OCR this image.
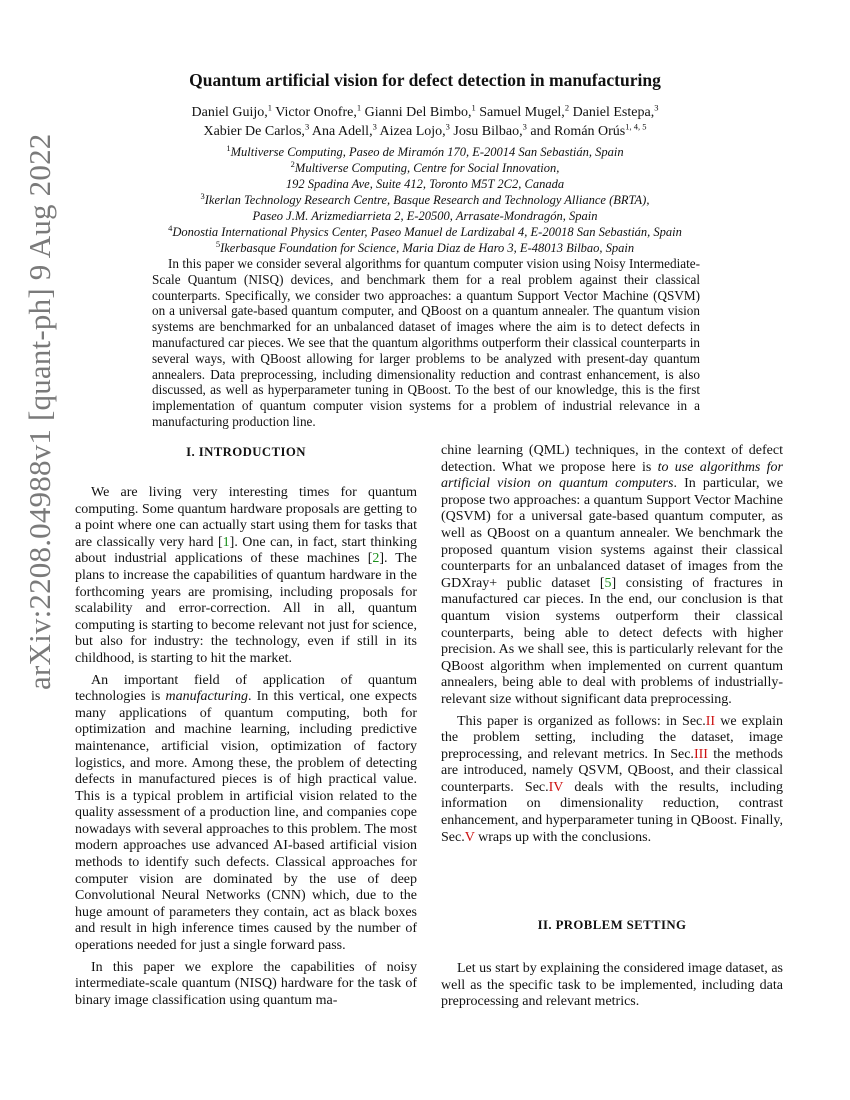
arXiv:2208.04988v1 [quant-ph] 9 Aug 2022
Quantum artificial vision for defect detection in manufacturing
Daniel Guijo,$^1$ Victor Onofre,$^1$ Gianni Del Bimbo,$^1$ Samuel Mugel,$^2$ Daniel Estepa,$^3$
Xabier De Carlos,$^3$ Ana Adell,$^3$ Aizea Lojo,$^3$ Josu Bilbao,$^3$ and Román Orús$^{1, 4, 5}$
$^1$Multiverse Computing, Paseo de Miramón 170, E-20014 San Sebastián, Spain
$^2$Multiverse Computing, Centre for Social Innovation,
192 Spadina Ave, Suite 412, Toronto M5T 2C2, Canada
$^3$Ikerlan Technology Research Centre, Basque Research and Technology Alliance (BRTA),
Paseo J.M. Arizmediarrieta 2, E-20500, Arrasate-Mondragón, Spain
$^4$Donostia International Physics Center, Paseo Manuel de Lardizabal 4, E-20018 San Sebastián, Spain
$^5$Ikerbasque Foundation for Science, Maria Diaz de Haro 3, E-48013 Bilbao, Spain
In this paper we consider several algorithms for quantum computer vision using Noisy Intermediate-Scale Quantum (NISQ) devices, and benchmark them for a real problem against their classical counterparts. Specifically, we consider two approaches: a quantum Support Vector Machine (QSVM) on a universal gate-based quantum computer, and QBoost on a quantum annealer. The quantum vision systems are benchmarked for an unbalanced dataset of images where the aim is to detect defects in manufactured car pieces. We see that the quantum algorithms outperform their classical counterparts in several ways, with QBoost allowing for larger problems to be analyzed with present-day quantum annealers. Data preprocessing, including dimensionality reduction and contrast enhancement, is also discussed, as well as hyperparameter tuning in QBoost. To the best of our knowledge, this is the first implementation of quantum computer vision systems for a problem of industrial relevance in a manufacturing production line.
I. INTRODUCTION

We are living very interesting times for quantum computing. Some quantum hardware proposals are getting to a point where one can actually start using them for tasks that are classically very hard [1]. One can, in fact, start thinking about industrial applications of these machines [2]. The plans to increase the capabilities of quantum hardware in the forthcoming years are promising, including proposals for scalability and error-correction. All in all, quantum computing is starting to become relevant not just for science, but also for industry: the technology, even if still in its childhood, is starting to hit the market.

An important field of application of quantum technologies is manufacturing. In this vertical, one expects many applications of quantum computing, both for optimization and machine learning, including predictive maintenance, artificial vision, optimization of factory logistics, and more. Among these, the problem of detecting defects in manufactured pieces is of high practical value. This is a typical problem in artificial vision related to the quality assessment of a production line, and companies cope nowadays with several approaches to this problem. The most modern approaches use advanced AI-based artificial vision methods to identify such defects. Classical approaches for computer vision are dominated by the use of deep Convolutional Neural Networks (CNN) which, due to the huge amount of parameters they contain, act as black boxes and result in high inference times caused by the number of operations needed for just a single forward pass.

In this paper we explore the capabilities of noisy intermediate-scale quantum (NISQ) hardware for the task of binary image classification using quantum ma-

chine learning (QML) techniques, in the context of defect detection. What we propose here is to use algorithms for artificial vision on quantum computers. In particular, we propose two approaches: a quantum Support Vector Machine (QSVM) for a universal gate-based quantum computer, as well as QBoost on a quantum annealer. We benchmark the proposed quantum vision systems against their classical counterparts for an unbalanced dataset of images from the GDXray+ public dataset [5] consisting of fractures in manufactured car pieces. In the end, our conclusion is that quantum vision systems outperform their classical counterparts, being able to detect defects with higher precision. As we shall see, this is particularly relevant for the QBoost algorithm when implemented on current quantum annealers, being able to deal with problems of industrially-relevant size without significant data preprocessing.

This paper is organized as follows: in Sec.II we explain the problem setting, including the dataset, image preprocessing, and relevant metrics. In Sec.III the methods are introduced, namely QSVM, QBoost, and their classical counterparts. Sec.IV deals with the results, including information on dimensionality reduction, contrast enhancement, and hyperparameter tuning in QBoost. Finally, Sec.V wraps up with the conclusions.

II. PROBLEM SETTING

Let us start by explaining the considered image dataset, as well as the specific task to be implemented, including data preprocessing and relevant metrics.
